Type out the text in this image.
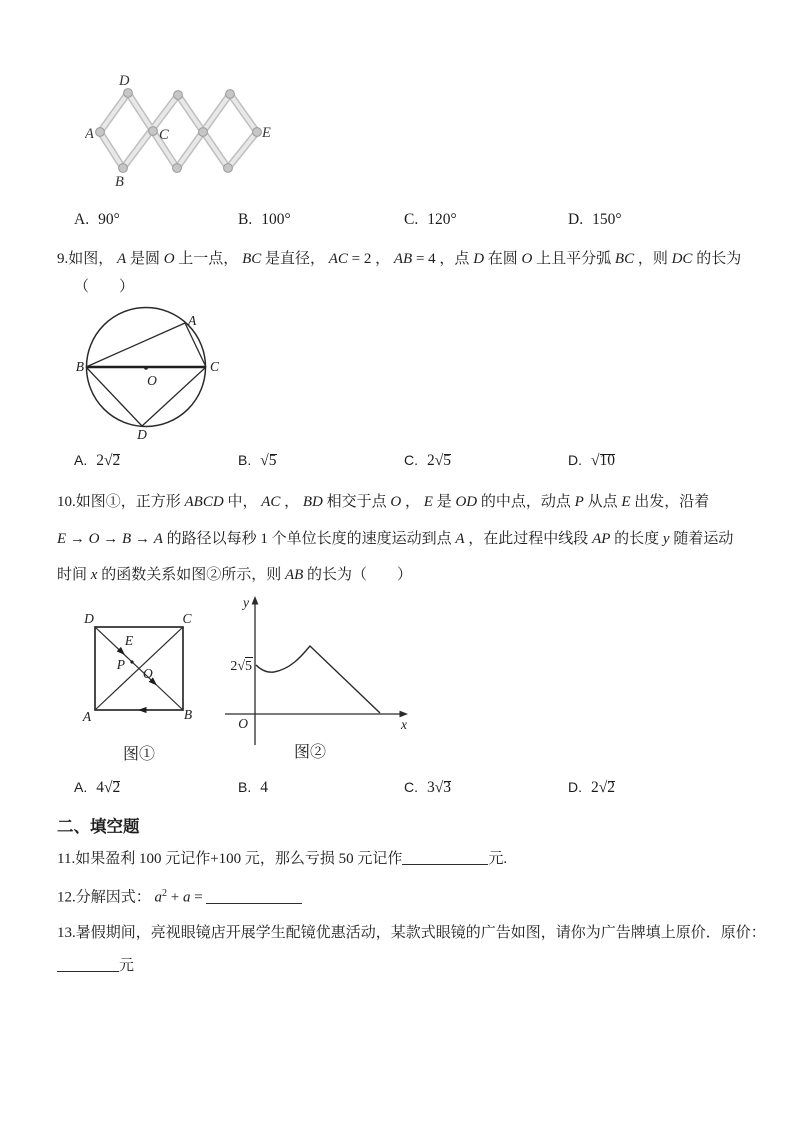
D
A	C	E
B
A. 90°	B. 100°	C. 120°	D. 150°
9.如图， A 是圆 O 上一点， BC 是直径， AC = 2 ， AB = 4 ，点 D 在圆 O 上且平分弧 BC ，则 DC 的长为
（　　）
A
B	C
D
O
A. 2 √ 2	B. √ 5	C. 2 √ 5	D. √ 10
10.如图①，正方形 ABCD 中， AC ， BD 相交于点 O ， E 是 OD 的中点，动点 P 从点 E 出发，沿着
E → O → B → A 的路径以每秒 1 个单位长度的速度运动到点 A ，在此过程中线段 AP 的长度 y 随着运动
时间 x 的函数关系如图②所示，则 AB 的长为（　　）
D	C
A	B
E
P
O
图①
y
x
O
2√5
图②
A. 4 √ 2	B. 4	C. 3 √ 3	D. 2 √ 2
二、填空题
11.如果盈利 100 元记作+100 元，那么亏损 50 元记作	元.
12.分解因式： $a^2 + a$ =
13.暑假期间，亮视眼镜店开展学生配镜优惠活动，某款式眼镜的广告如图，请你为广告牌填上原价．原价：
元
